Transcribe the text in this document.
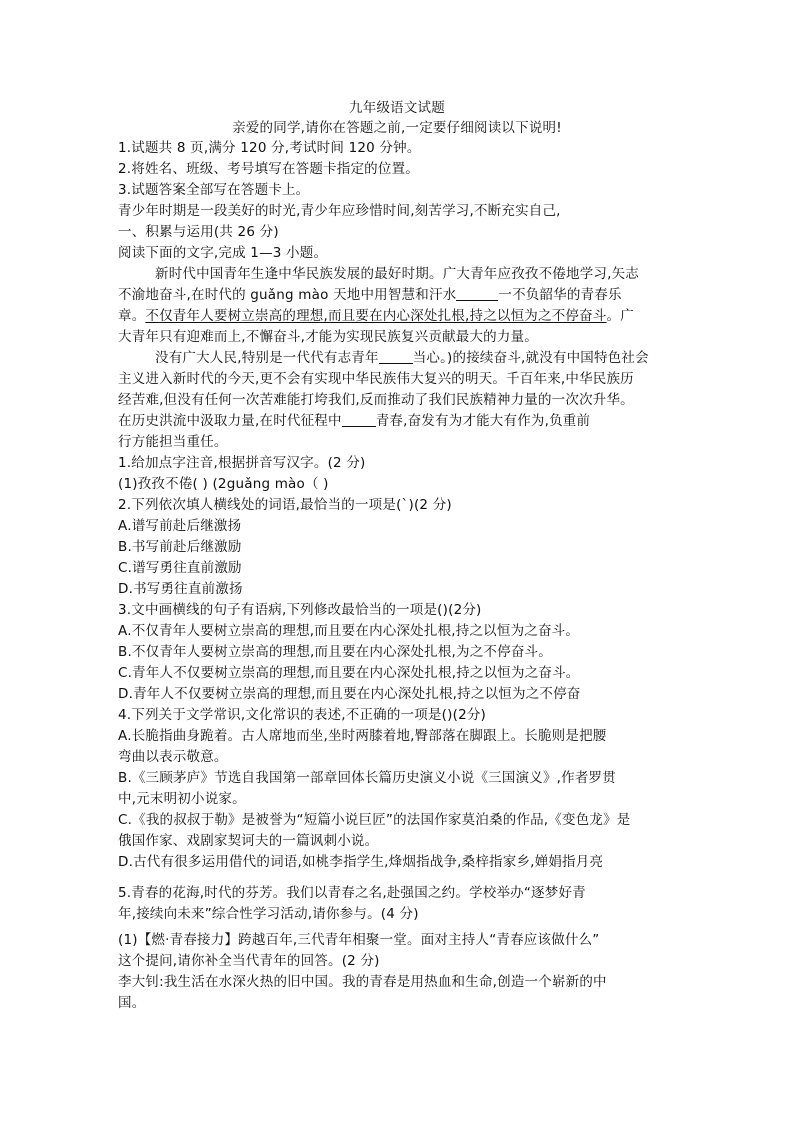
九年级语文试题
亲爱的同学,请你在答题之前,一定要仔细阅读以下说明!
1.试题共 8 页,满分 120 分,考试时间 120 分钟。
2.将姓名、班级、考号填写在答题卡指定的位置。
3.试题答案全部写在答题卡上。
青少年时期是一段美好的时光,青少年应珍惜时间,刻苦学习,不断充实自己,
一、积累与运用(共 26 分)
阅读下面的文字,完成 1—3 小题。
新时代中国青年生逢中华民族发展的最好时期。广大青年应孜孜不倦地学习,矢志
不渝地奋斗,在时代的 guǎng mào 天地中用智慧和汗水	一不负韶华的青春乐
章。不仅青年人要树立崇高的理想,而且要在内心深处扎根,持之以恒为之不停奋斗。广
大青年只有迎难而上,不懈奋斗,才能为实现民族复兴贡献最大的力量。
没有广大人民,特别是一代代有志青年	当心。)的接续奋斗,就没有中国特色社会
主义进入新时代的今天,更不会有实现中华民族伟大复兴的明天。千百年来,中华民族历
经苦难,但没有任何一次苦难能打垮我们,反而推动了我们民族精神力量的一次次升华。
在历史洪流中汲取力量,在时代征程中	青春,奋发有为才能大有作为,负重前
行方能担当重任。
1.给加点字注音,根据拼音写汉字。(2 分)
(1)孜孜不倦( ) (2guǎng mào（ )
2.下列依次填人横线处的词语,最恰当的一项是(`)(2 分)
A.谱写前赴后继激扬
B.书写前赴后继激励
C.谱写勇往直前激励
D.书写勇往直前激扬
3.文中画横线的句子有语病,下列修改最恰当的一项是()(2分)
A.不仅青年人要树立崇高的理想,而且要在内心深处扎根,持之以恒为之奋斗。
B.不仅青年人要树立崇高的理想,而且要在内心深处扎根,为之不停奋斗。
C.青年人不仅要树立崇高的理想,而且要在内心深处扎根,持之以恒为之奋斗。
D.青年人不仅要树立崇高的理想,而且要在内心深处扎根,持之以恒为之不停奋
4.下列关于文学常识,文化常识的表述,不正确的一项是()(2分)
A.长脆指曲身跪着。古人席地而坐,坐时两膝着地,臀部落在脚跟上。长脆则是把腰
弯曲以表示敬意。
B.《三顾茅庐》节选自我国第一部章回体长篇历史演义小说《三国演义》,作者罗贯
中,元末明初小说家。
C.《我的叔叔于勒》是被誉为“短篇小说巨匠”的法国作家莫泊桑的作品,《变色龙》是
俄国作家、戏剧家契诃夫的一篇讽刺小说。
D.古代有很多运用借代的词语,如桃李指学生,烽烟指战争,桑梓指家乡,婵娟指月亮
5.青春的花海,时代的芬芳。我们以青春之名,赴强国之约。学校举办“逐梦好青
年,接续向未来”综合性学习活动,请你参与。(4 分)
(1)【燃·青春接力】跨越百年,三代青年相聚一堂。面对主持人“青春应该做什么”
这个提问,请你补全当代青年的回答。(2 分)
李大钊:我生活在水深火热的旧中国。我的青春是用热血和生命,创造一个崭新的中
国。
